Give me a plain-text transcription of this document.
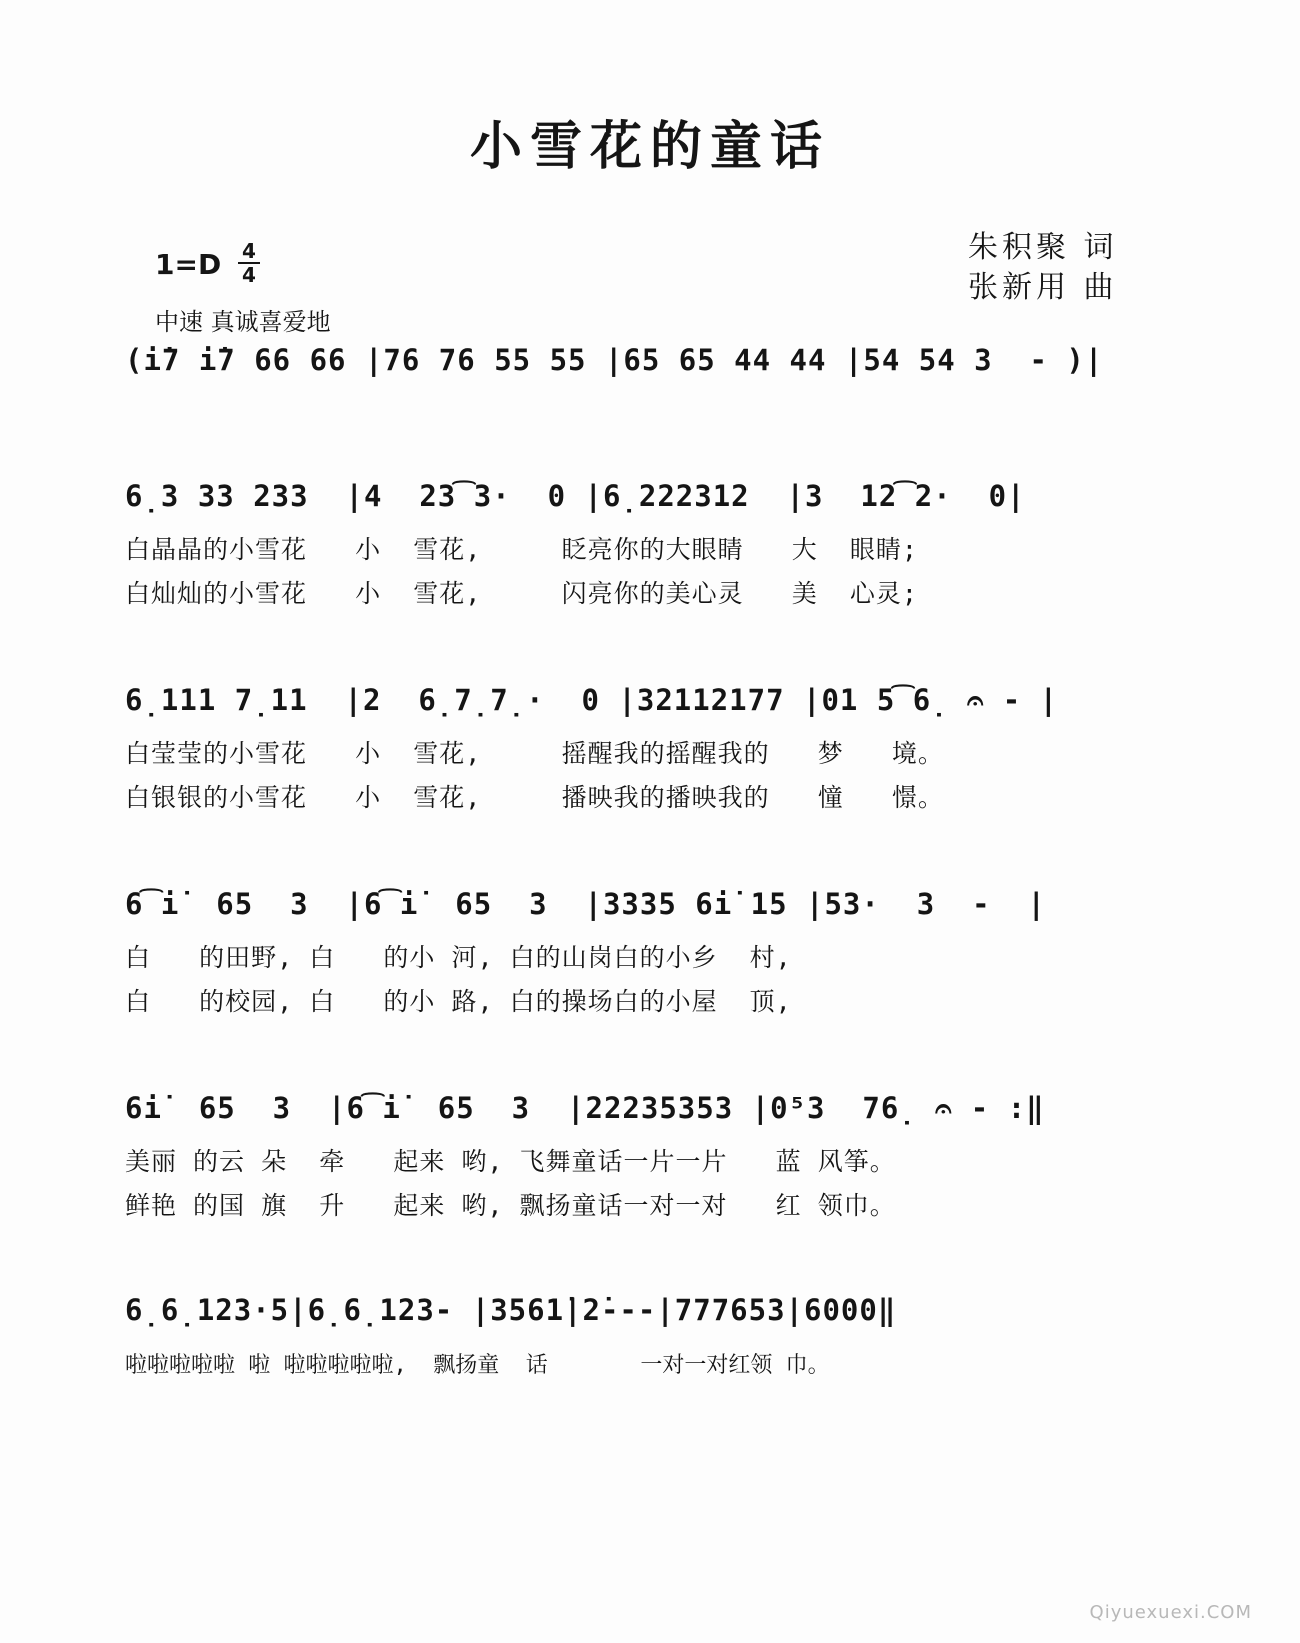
小雪花的童话
朱积聚 词
张新用 曲
1=D 4
4
中速 真诚喜爱地
(i̇7 i̇7 66 66 |76 76 55 55 |65 65 44 44 |54 54 3  - )|
6̣3 33 233  |4  23͡3·  0 |6̣222312  |3  12͡2·  0|
白晶晶的小雪花   小  雪花,     眨亮你的大眼睛   大  眼睛;
白灿灿的小雪花   小  雪花,     闪亮你的美心灵   美  心灵;
6̣111 7̣11  |2  6̣7̣7̣·  0 |32112177 |01 5͡6̣ 𝄐 - |
白莹莹的小雪花   小  雪花,     摇醒我的摇醒我的   梦   境。
白银银的小雪花   小  雪花,     播映我的播映我的   憧   憬。
6͡i̇  65  3  |6͡i̇  65  3  |3335 6i̇ 15 |53·  3  -  |
白   的田野, 白   的小 河, 白的山岗白的小乡  村,
白   的校园, 白   的小 路, 白的操场白的小屋  顶,
6i̇  65  3  |6͡i̇  65  3  |22235353 |0⁵3  76̣ 𝄐 - :‖
美丽 的云 朵  牵   起来 哟, 飞舞童话一片一片   蓝 风筝。
鲜艳 的国 旗  升   起来 哟, 飘扬童话一对一对   红 领巾。
6̣6̣123·5|6̣6̣123- |3561̇|2̇---|777653|6000‖
啦啦啦啦啦 啦 啦啦啦啦啦,  飘扬童  话       一对一对红领 巾。
Qiyuexuexi.COM
